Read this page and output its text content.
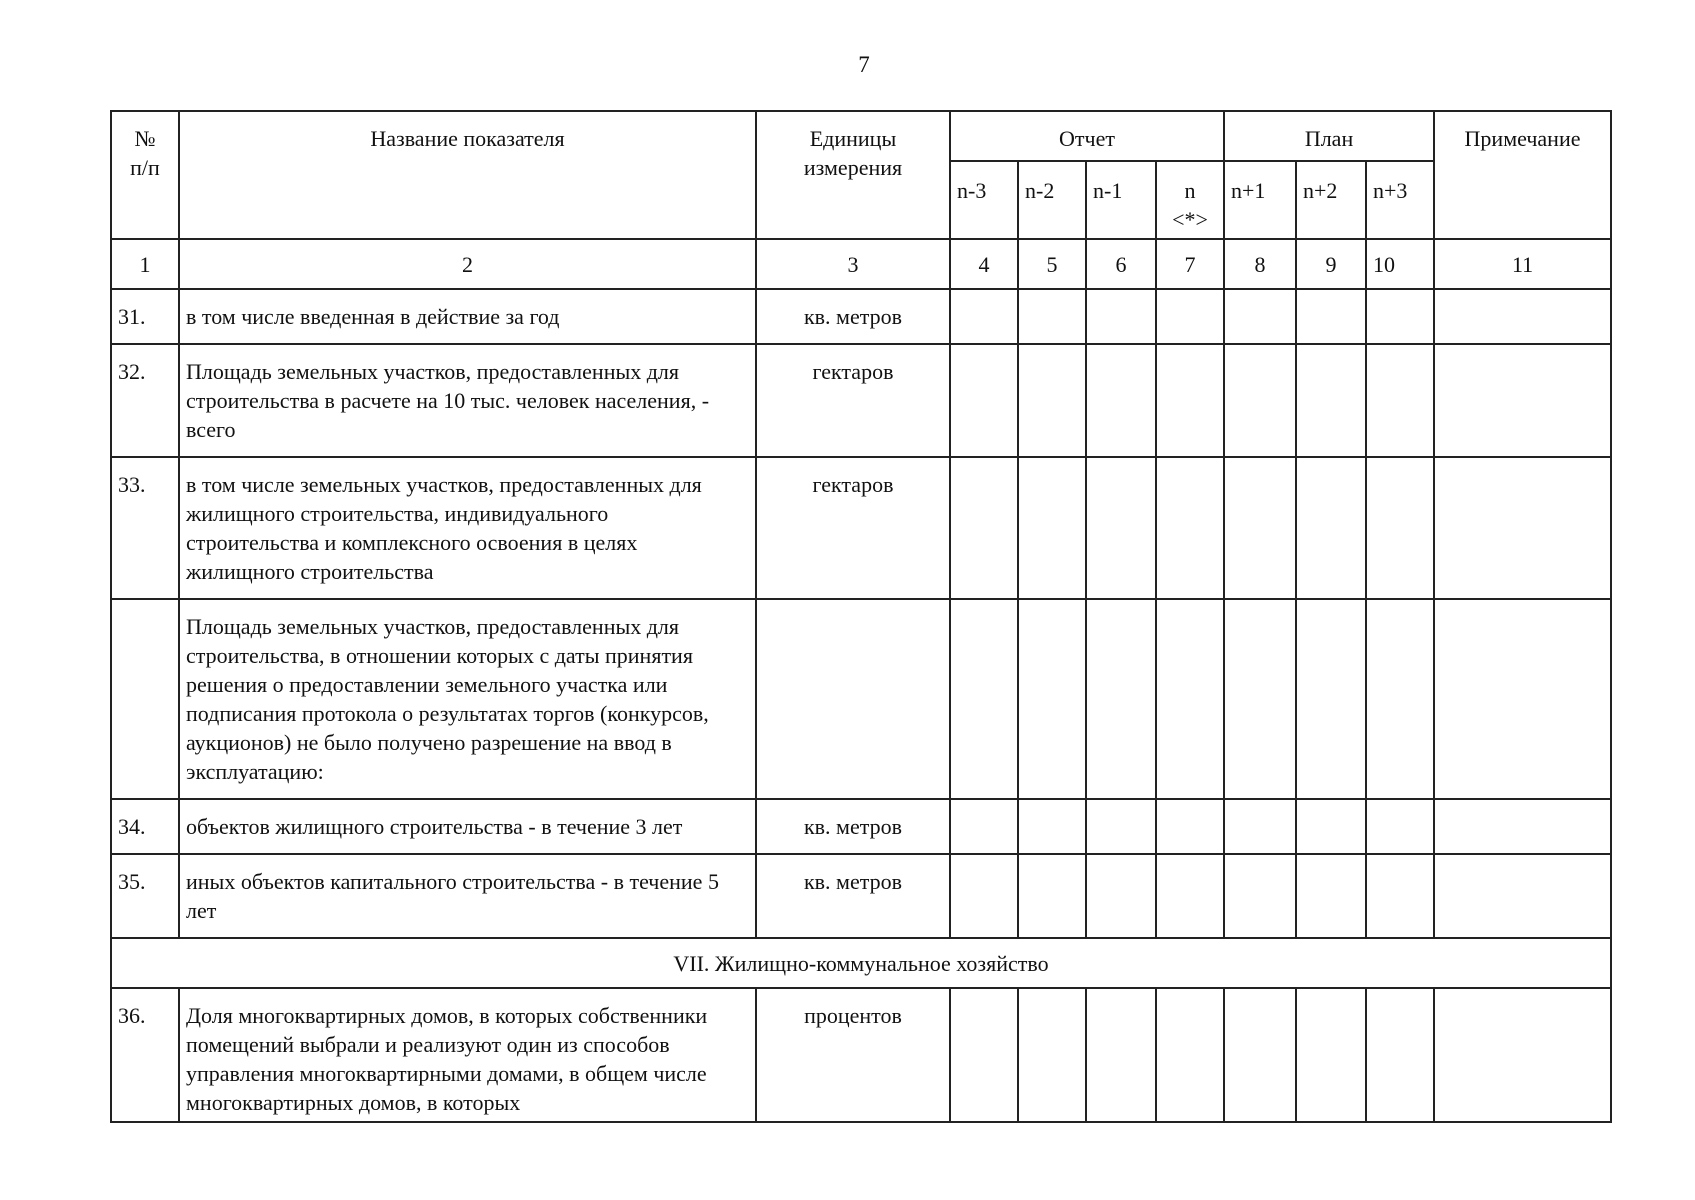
7
№ п/п	Название показателя	Единицы измерения	Отчет				План			Примечание
			n-3	n-2	n-1	n <*>	n+1	n+2	n+3	
1	2	3	4	5	6	7	8	9	10	11
31.	в том числе введенная в действие за год	кв. метров								
32.	Площадь земельных участков, предоставленных для строительства в расчете на 10 тыс. человек населения, - всего	гектаров								
33.	в том числе земельных участков, предоставленных для жилищного строительства, индивидуального строительства и комплексного освоения в целях жилищного строительства	гектаров								
	Площадь земельных участков, предоставленных для строительства, в отношении которых с даты принятия решения о предоставлении земельного участка или подписания протокола о результатах торгов (конкурсов, аукционов) не было получено разрешение на ввод в эксплуатацию:									
34.	объектов жилищного строительства - в течение 3 лет	кв. метров								
35.	иных объектов капитального строительства - в течение 5 лет	кв. метров								
VII. Жилищно-коммунальное хозяйство										
36.	Доля многоквартирных домов, в которых собственники помещений выбрали и реализуют один из способов управления многоквартирными домами, в общем числе многоквартирных домов, в которых	процентов								
